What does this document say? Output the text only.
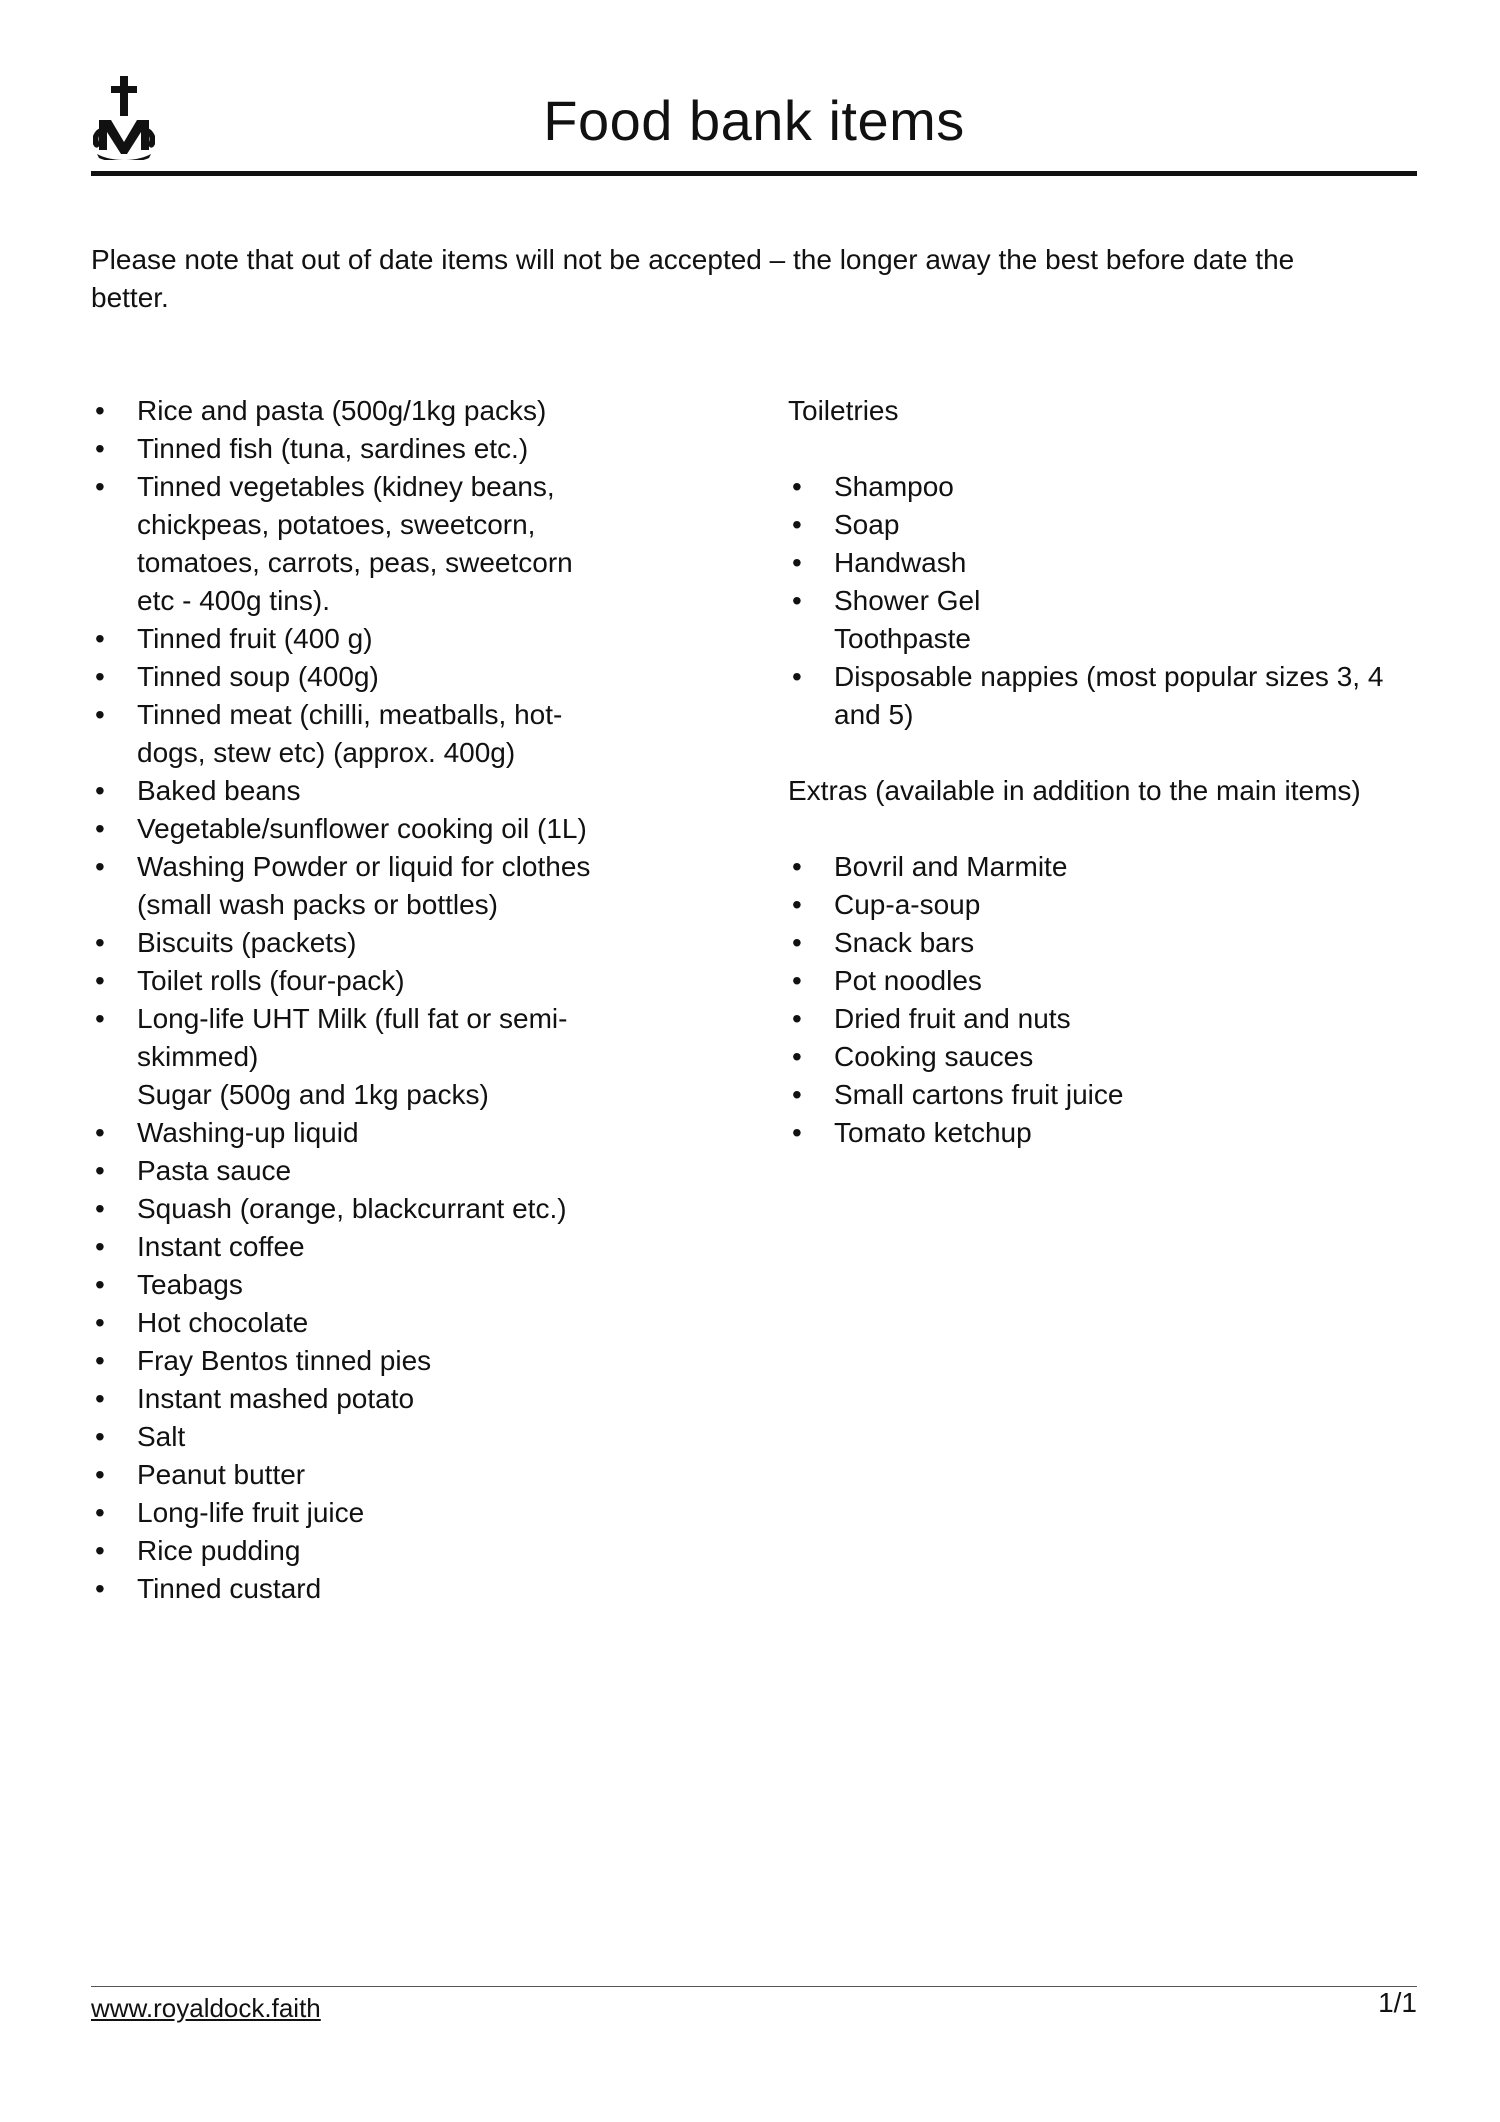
Food bank items

Please note that out of date items will not be accepted – the longer away the best before date the better.

• Rice and pasta (500g/1kg packs)
• Tinned fish (tuna, sardines etc.)
• Tinned vegetables (kidney beans, chickpeas, potatoes, sweetcorn, tomatoes, carrots, peas, sweetcorn etc - 400g tins).
• Tinned fruit (400 g)
• Tinned soup (400g)
• Tinned meat (chilli, meatballs, hot-dogs, stew etc) (approx. 400g)
• Baked beans
• Vegetable/sunflower cooking oil (1L)
• Washing Powder or liquid for clothes (small wash packs or bottles)
• Biscuits (packets)
• Toilet rolls (four-pack)
• Long-life UHT Milk (full fat or semi-skimmed)
Sugar (500g and 1kg packs)
• Washing-up liquid
• Pasta sauce
• Squash (orange, blackcurrant etc.)
• Instant coffee
• Teabags
• Hot chocolate
• Fray Bentos tinned pies
• Instant mashed potato
• Salt
• Peanut butter
• Long-life fruit juice
• Rice pudding
• Tinned custard
Toiletries
• Shampoo
• Soap
• Handwash
• Shower Gel
Toothpaste
• Disposable nappies (most popular sizes 3, 4 and 5)
Extras (available in addition to the main items)
• Bovril and Marmite
• Cup-a-soup
• Snack bars
• Pot noodles
• Dried fruit and nuts
• Cooking sauces
• Small cartons fruit juice
• Tomato ketchup
www.royaldock.faith	1/1
